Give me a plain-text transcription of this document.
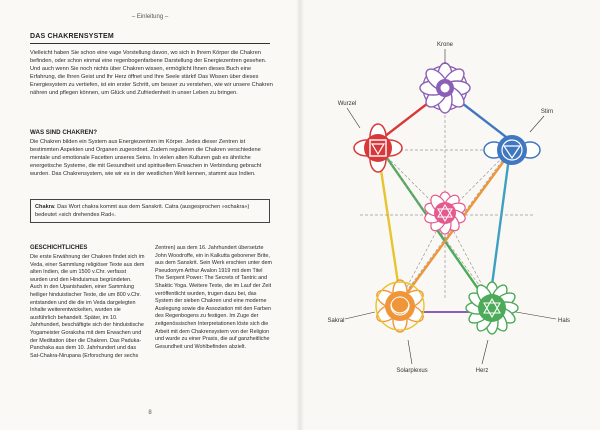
– Einleitung –
DAS CHAKRENSYSTEM
Vielleicht haben Sie schon eine vage Vorstellung davon, wo sich in Ihrem Körper die Chakren befinden, oder schon einmal eine regenbogenfarbene Darstellung der Energiezentren gesehen. Und auch wenn Sie noch nichts über Chakren wissen, ermöglicht Ihnen dieses Buch eine Erfahrung, die Ihren Geist und Ihr Herz öffnet und Ihre Seele stärkt! Das Wissen über dieses Energiesystem zu vertiefen, ist ein erster Schritt, um besser zu verstehen, wie wir unsere Chakren nähren und pflegen können, um Glück und Zufriedenheit in unser Leben zu bringen.
WAS SIND CHAKREN?
Die Chakren bilden ein System aus Energiezentren im Körper. Jedes dieser Zentren ist bestimmten Aspekten und Organen zugeordnet. Zudem regulieren die Chakren verschiedene mentale und emotionale Facetten unseres Seins. In vielen alten Kulturen gab es ähnliche energetische Systeme, die mit Gesundheit und spirituellem Erwachen in Verbindung gebracht wurden. Das Chakrensystem, wie wir es in der westlichen Welt kennen, stammt aus Indien.
Chakra: Das Wort chakra kommt aus dem Sanskrit. Catra (ausgesprochen »schakra«) bedeutet »sich drehendes Rad«.
GESCHICHTLICHES
Die erste Erwähnung der Chakren findet sich im Veda, einer Sammlung religiöser Texte aus dem alten Indien, die um 1500 v.Chr. verfasst wurden und den Hinduismus begründeten. Auch in den Upanishaden, einer Sammlung heiliger hinduistischer Texte, die um 800 v.Chr. entstanden und die die im Veda dargelegten Inhalte weiterentwickelten, wurden sie ausführlich behandelt. Später, im 10. Jahrhundert, beschäftigte sich der hinduistische Yogameister Goraksha mit dem Erwachen und der Meditation über die Chakren. Das Paduka-Panchaka aus dem 10. Jahrhundert und das Sat-Chakra-Nirupana (Erforschung der sechs
Zentren) aus dem 16. Jahrhundert übersetzte John Woodroffe, ein in Kalkutta geborener Brite, aus dem Sanskrit. Sein Werk erschien unter dem Pseudonym Arthur Avalon 1919 mit dem Titel The Serpent Power: The Secrets of Tantric and Shaktic Yoga. Weitere Texte, die im Lauf der Zeit veröffentlicht wurden, trugen dazu bei, das System der sieben Chakren und eine moderne Auslegung sowie die Assoziation mit den Farben des Regenbogens zu festigen. Im Zuge der zeitgenössischen Interpretationen löste sich die Arbeit mit dem Chakrensystem von der Religion und wurde zu einer Praxis, die auf ganzheitliche Gesundheit und Wohlbefinden abzielt.
8
Krone
Wurzel
Stirn
Sakral	Hals
Solarplexus	Herz
